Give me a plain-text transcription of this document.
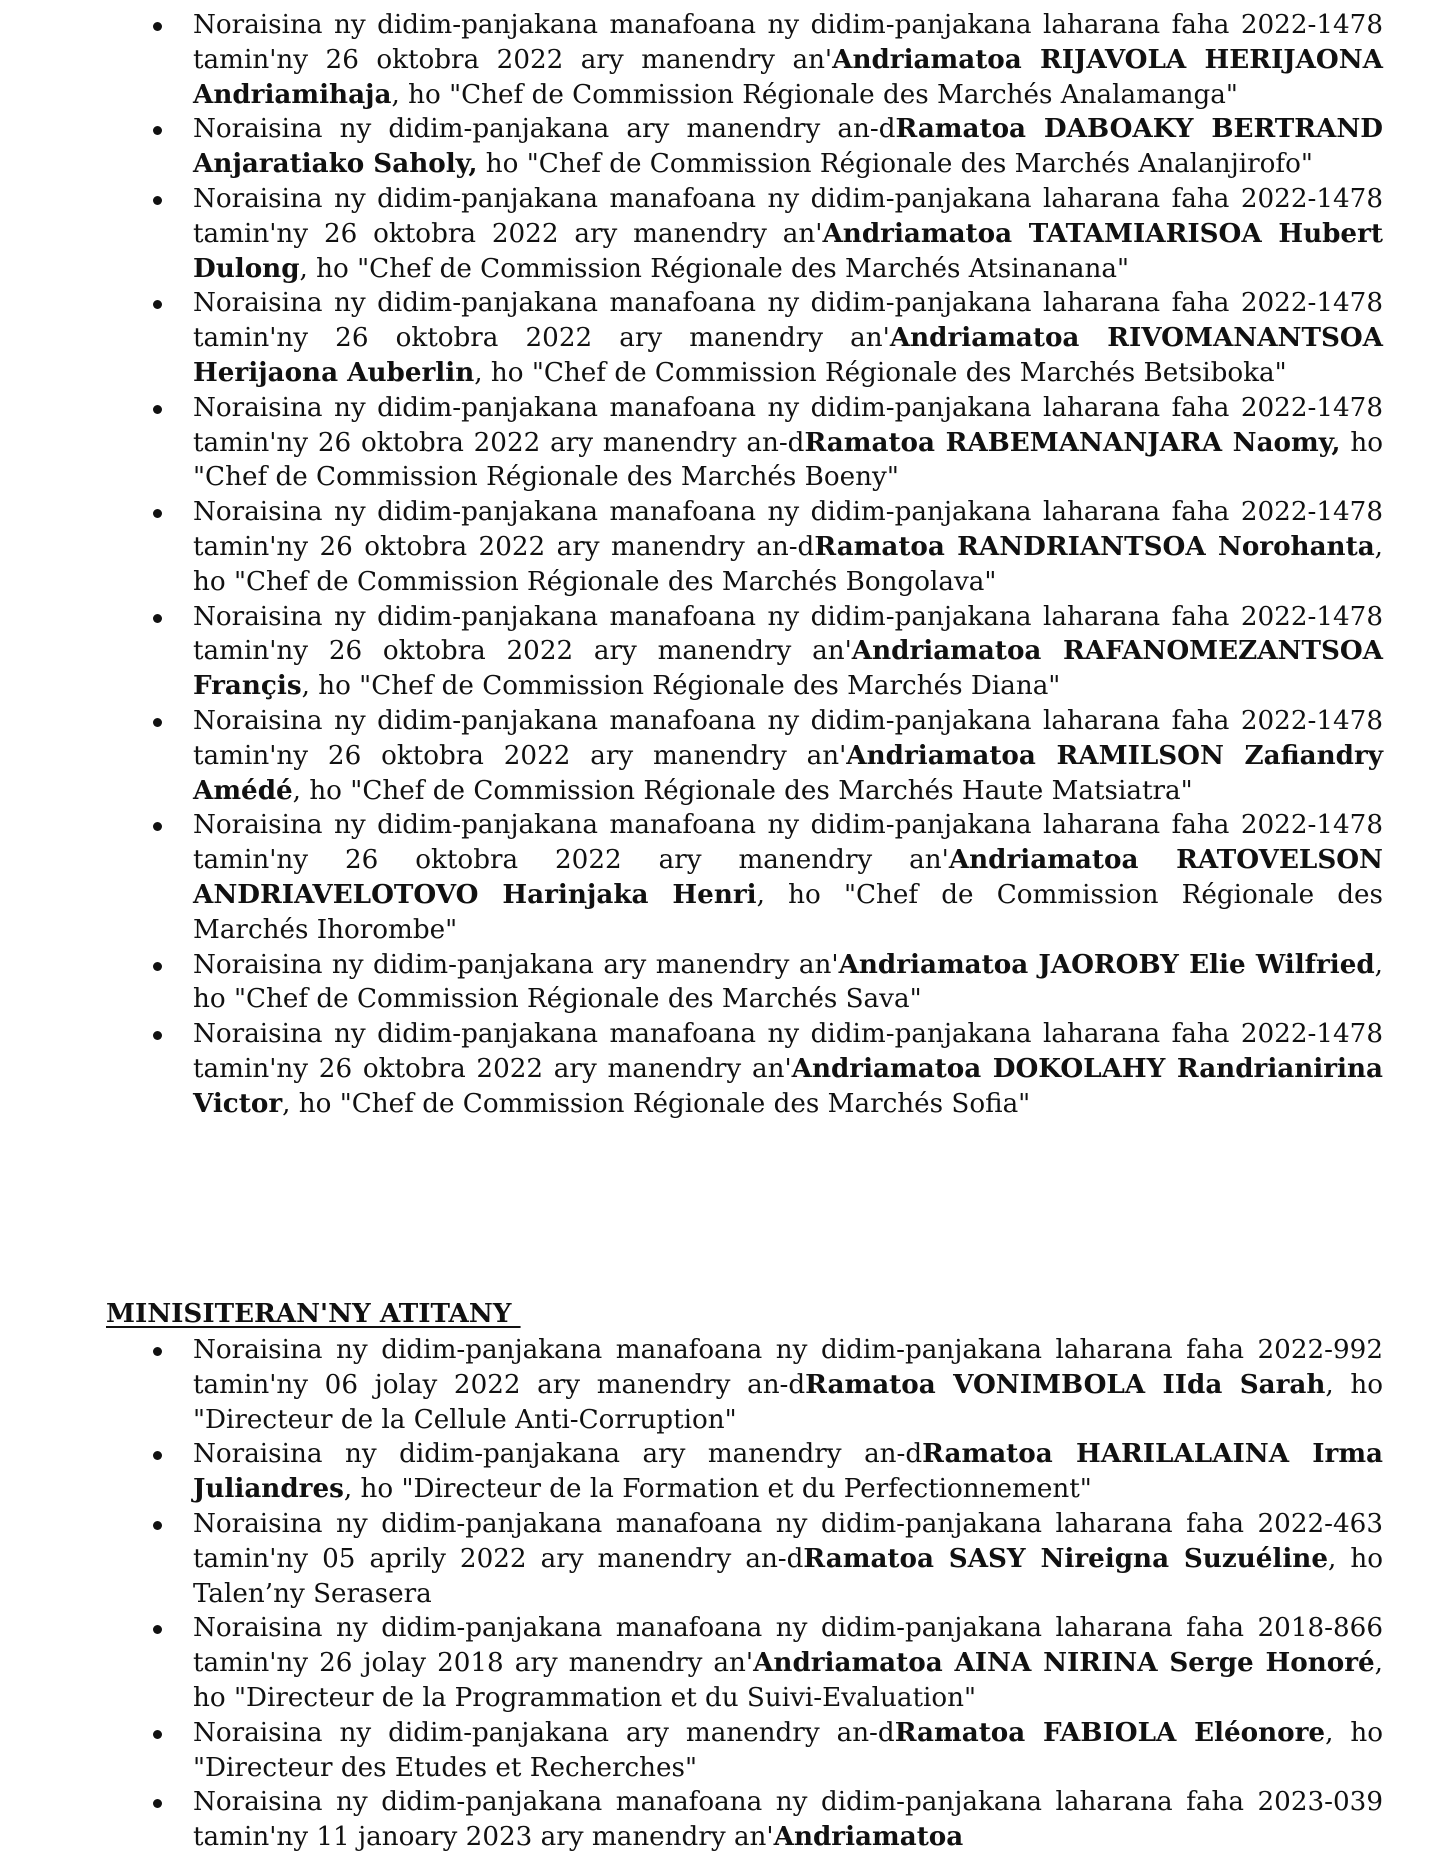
Noraisina ny didim-panjakana manafoana ny didim-panjakana laharana faha 2022-1478 tamin'ny 26 oktobra 2022 ary manendry an'Andriamatoa RIJAVOLA HERIJAONA Andriamihaja, ho "Chef de Commission Régionale des Marchés Analamanga"
Noraisina ny didim-panjakana ary manendry an-dRamatoa DABOAKY BERTRAND Anjaratiako Saholy, ho "Chef de Commission Régionale des Marchés Analanjirofo"
Noraisina ny didim-panjakana manafoana ny didim-panjakana laharana faha 2022-1478 tamin'ny 26 oktobra 2022 ary manendry an'Andriamatoa TATAMIARISOA Hubert Dulong, ho "Chef de Commission Régionale des Marchés Atsinanana"
Noraisina ny didim-panjakana manafoana ny didim-panjakana laharana faha 2022-1478 tamin'ny 26 oktobra 2022 ary manendry an'Andriamatoa RIVOMANANTSOA Herijaona Auberlin, ho "Chef de Commission Régionale des Marchés Betsiboka"
Noraisina ny didim-panjakana manafoana ny didim-panjakana laharana faha 2022-1478 tamin'ny 26 oktobra 2022 ary manendry an-dRamatoa RABEMANANJARA Naomy, ho "Chef de Commission Régionale des Marchés Boeny"
Noraisina ny didim-panjakana manafoana ny didim-panjakana laharana faha 2022-1478 tamin'ny 26 oktobra 2022 ary manendry an-dRamatoa RANDRIANTSOA Norohanta, ho "Chef de Commission Régionale des Marchés Bongolava"
Noraisina ny didim-panjakana manafoana ny didim-panjakana laharana faha 2022-1478 tamin'ny 26 oktobra 2022 ary manendry an'Andriamatoa RAFANOMEZANTSOA Françis, ho "Chef de Commission Régionale des Marchés Diana"
Noraisina ny didim-panjakana manafoana ny didim-panjakana laharana faha 2022-1478 tamin'ny 26 oktobra 2022 ary manendry an'Andriamatoa RAMILSON Zafiandry Amédé, ho "Chef de Commission Régionale des Marchés Haute Matsiatra"
Noraisina ny didim-panjakana manafoana ny didim-panjakana laharana faha 2022-1478 tamin'ny 26 oktobra 2022 ary manendry an'Andriamatoa RATOVELSON ANDRIAVELOTOVO Harinjaka Henri, ho "Chef de Commission Régionale des Marchés Ihorombe"
Noraisina ny didim-panjakana ary manendry an'Andriamatoa JAOROBY Elie Wilfried, ho "Chef de Commission Régionale des Marchés Sava"
Noraisina ny didim-panjakana manafoana ny didim-panjakana laharana faha 2022-1478 tamin'ny 26 oktobra 2022 ary manendry an'Andriamatoa DOKOLAHY Randrianirina Victor, ho "Chef de Commission Régionale des Marchés Sofia"

MINISITERAN'NY ATITANY

Noraisina ny didim-panjakana manafoana ny didim-panjakana laharana faha 2022-992 tamin'ny 06 jolay 2022 ary manendry an-dRamatoa VONIMBOLA IIda Sarah, ho "Directeur de la Cellule Anti-Corruption"
Noraisina ny didim-panjakana ary manendry an-dRamatoa HARILALAINA Irma Juliandres, ho "Directeur de la Formation et du Perfectionnement"
Noraisina ny didim-panjakana manafoana ny didim-panjakana laharana faha 2022-463 tamin'ny 05 aprily 2022 ary manendry an-dRamatoa SASY Nireigna Suzuéline, ho Talen’ny Serasera
Noraisina ny didim-panjakana manafoana ny didim-panjakana laharana faha 2018-866 tamin'ny 26 jolay 2018 ary manendry an'Andriamatoa AINA NIRINA Serge Honoré, ho "Directeur de la Programmation et du Suivi-Evaluation"
Noraisina ny didim-panjakana ary manendry an-dRamatoa FABIOLA Eléonore, ho "Directeur des Etudes et Recherches"
Noraisina ny didim-panjakana manafoana ny didim-panjakana laharana faha 2023-039 tamin'ny 11 janoary 2023 ary manendry an'Andriamatoa
